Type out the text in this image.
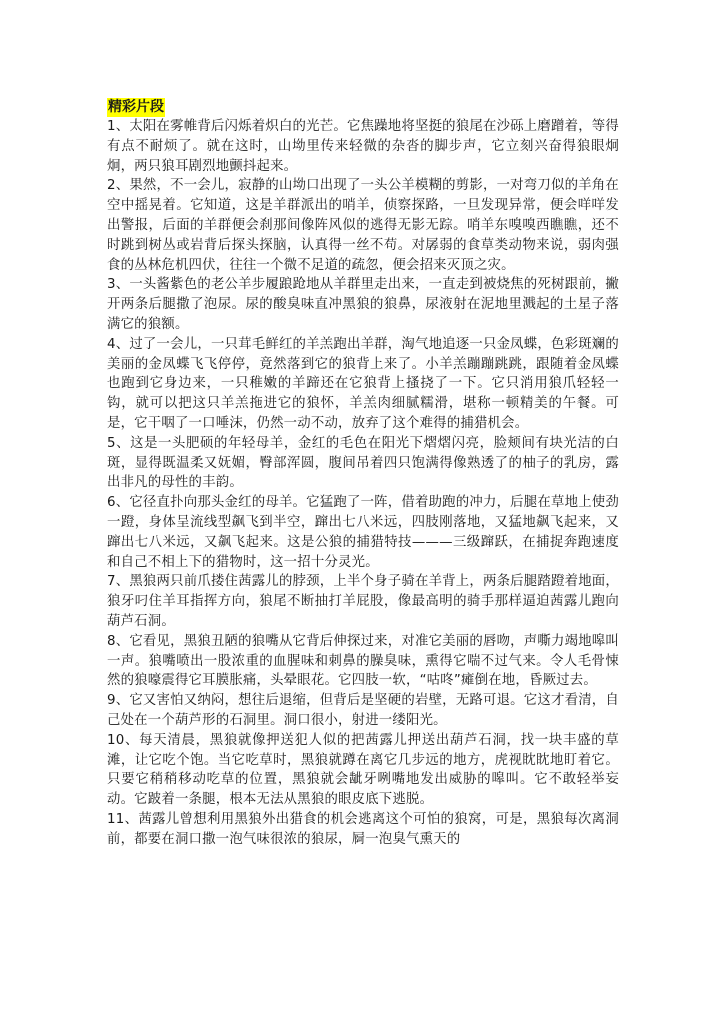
精彩片段

1、太阳在雾帷背后闪烁着炽白的光芒。它焦躁地将坚挺的狼尾在沙砾上磨蹭着，等得有点不耐烦了。就在这时，山坳里传来轻微的杂沓的脚步声，它立刻兴奋得狼眼炯炯，两只狼耳剧烈地颤抖起来。

2、果然，不一会儿，寂静的山坳口出现了一头公羊模糊的剪影，一对弯刀似的羊角在空中摇晃着。它知道，这是羊群派出的哨羊，侦察探路，一旦发现异常，便会咩咩发出警报，后面的羊群便会刹那间像阵风似的逃得无影无踪。哨羊东嗅嗅西瞧瞧，还不时跳到树丛或岩背后探头探脑，认真得一丝不苟。对孱弱的食草类动物来说，弱肉强食的丛林危机四伏，往往一个微不足道的疏忽，便会招来灭顶之灾。

3、一头酱紫色的老公羊步履踉跄地从羊群里走出来，一直走到被烧焦的死树跟前，撇开两条后腿撒了泡尿。尿的酸臭味直冲黑狼的狼鼻，尿液射在泥地里溅起的土星子落满它的狼额。

4、过了一会儿，一只茸毛鲜红的羊羔跑出羊群，淘气地追逐一只金凤蝶，色彩斑斓的美丽的金凤蝶飞飞停停，竟然落到它的狼背上来了。小羊羔蹦蹦跳跳，跟随着金凤蝶也跑到它身边来，一只稚嫩的羊蹄还在它狼背上搔挠了一下。它只消用狼爪轻轻一钩，就可以把这只羊羔拖进它的狼怀，羊羔肉细腻糯滑，堪称一顿精美的午餐。可是，它干咽了一口唾沫，仍然一动不动，放弃了这个难得的捕猎机会。

5、这是一头肥硕的年轻母羊，金红的毛色在阳光下熠熠闪亮，脸颊间有块光洁的白斑，显得既温柔又妩媚，臀部浑圆，腹间吊着四只饱满得像熟透了的柚子的乳房，露出非凡的母性的丰韵。

6、它径直扑向那头金红的母羊。它猛跑了一阵，借着助跑的冲力，后腿在草地上使劲一蹬，身体呈流线型飙飞到半空，蹿出七八米远，四肢刚落地，又猛地飙飞起来，又蹿出七八米远，又飙飞起来。这是公狼的捕猎特技———三级蹿跃，在捕捉奔跑速度和自己不相上下的猎物时，这一招十分灵光。

7、黑狼两只前爪搂住茜露儿的脖颈，上半个身子骑在羊背上，两条后腿踏蹬着地面，狼牙叼住羊耳指挥方向，狼尾不断抽打羊屁股，像最高明的骑手那样逼迫茜露儿跑向葫芦石洞。

8、它看见，黑狼丑陋的狼嘴从它背后伸探过来，对准它美丽的唇吻，声嘶力竭地嗥叫一声。狼嘴喷出一股浓重的血腥味和刺鼻的臊臭味，熏得它喘不过气来。令人毛骨悚然的狼嚎震得它耳膜胀痛，头晕眼花。它四肢一软，“咕咚”瘫倒在地，昏厥过去。

9、它又害怕又纳闷，想往后退缩，但背后是坚硬的岩壁，无路可退。它这才看清，自己处在一个葫芦形的石洞里。洞口很小，射进一缕阳光。

10、每天清晨，黑狼就像押送犯人似的把茜露儿押送出葫芦石洞，找一块丰盛的草滩，让它吃个饱。当它吃草时，黑狼就蹲在离它几步远的地方，虎视眈眈地盯着它。只要它稍稍移动吃草的位置，黑狼就会龇牙咧嘴地发出威胁的嗥叫。它不敢轻举妄动。它跛着一条腿，根本无法从黑狼的眼皮底下逃脱。

11、茜露儿曾想利用黑狼外出猎食的机会逃离这个可怕的狼窝，可是，黑狼每次离洞前，都要在洞口撒一泡气味很浓的狼尿，屙一泡臭气熏天的
